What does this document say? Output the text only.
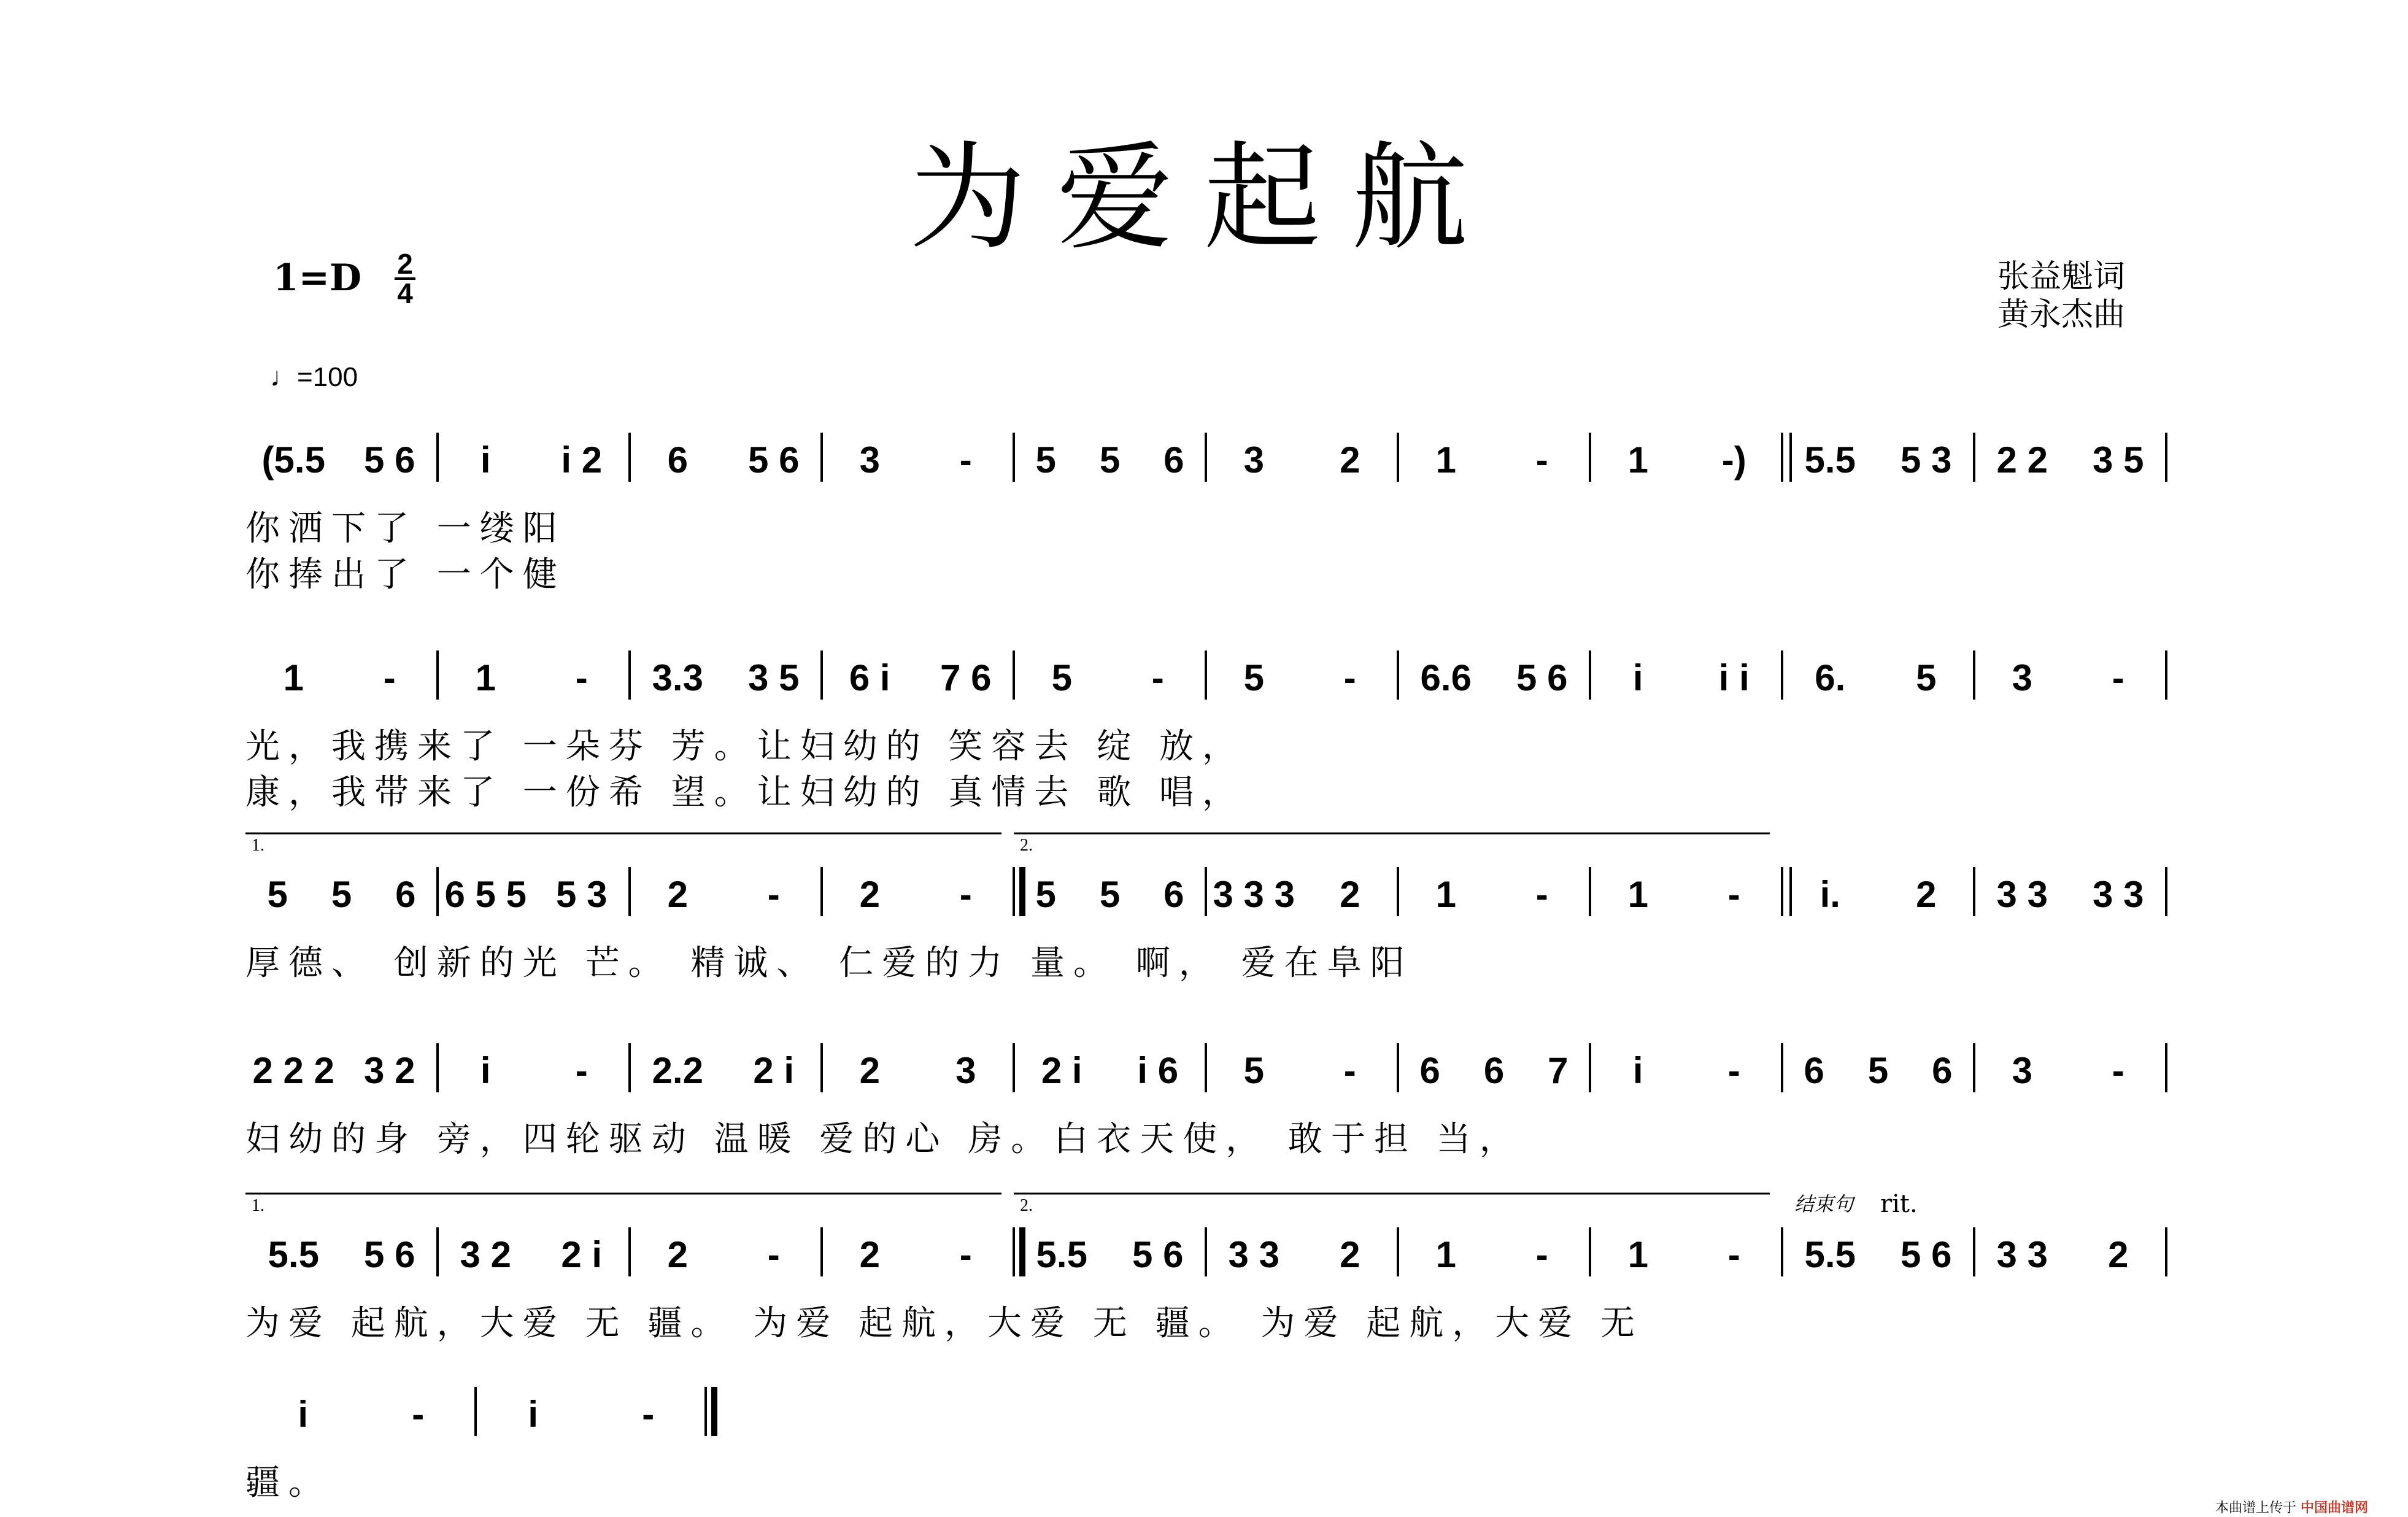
为爱起航
1=D 2
4
♩=100
张益魁词
黄永杰曲
(5.5 5 6 i i 2 6 5 6 3 - 5 5 6 3 2 1 - 1 -) 5.5 5 3 2 2 3 5
你洒下了 一缕阳
你捧出了 一个健
1 - 1 - 3.3 3 5 6 i 7 6 5 - 5 - 6.6 5 6 i i i 6. 5 3 -
光，我携来了 一朵芬 芳。让妇幼的 笑容去 绽 放，
康，我带来了 一份希 望。让妇幼的 真情去 歌 唱，
5 5 6 6 5 5 5 3 2 - 2 - 5 5 6 3 3 3 2 1 - 1 - i. 2 3 3 3 3
厚德、 创新的光 芒。 精诚、 仁爱的力 量。 啊， 爱在阜阳
1.	2.
2 2 2 3 2 i - 2.2 2 i 2 3 2 i i 6 5 - 6 6 7 i - 6 5 6 3 -
妇幼的身 旁，四轮驱动 温暖 爱的心 房。白衣天使， 敢于担 当，
5.5 5 6 3 2 2 i 2 - 2 - 5.5 5 6 3 3 2 1 - 1 - 5.5 5 6 3 3 2
为爱 起航，大爱 无 疆。 为爱 起航，大爱 无 疆。 为爱 起航，大爱 无
1.	2.	结束句 rit.
i	-	i	-
疆。
本曲谱上传于 中国曲谱网
